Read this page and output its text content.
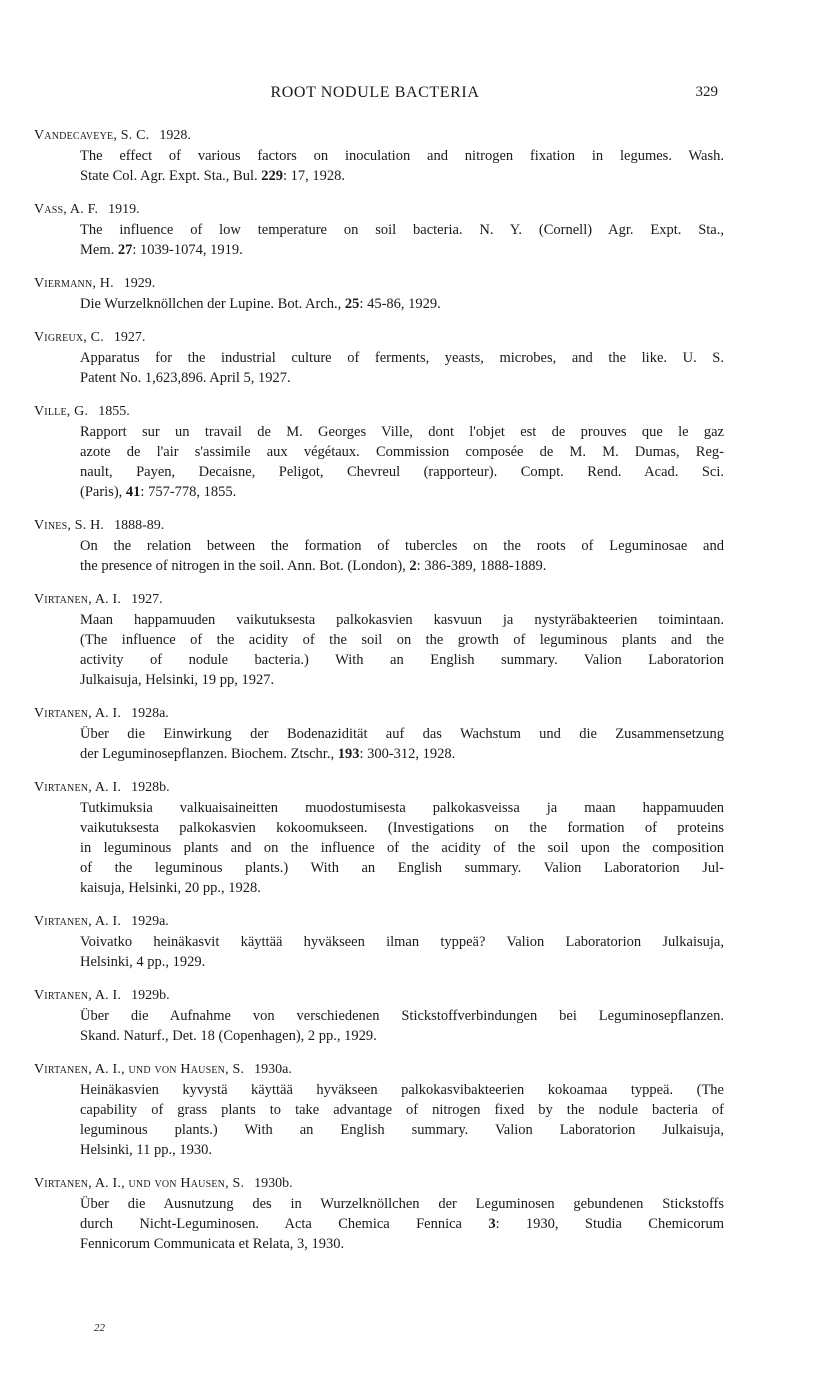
ROOT NODULE BACTERIA	329
Vandecaveye, S. C. 1928.
The effect of various factors on inoculation and nitrogen fixation in legumes. Wash.
State Col. Agr. Expt. Sta., Bul. 229: 17, 1928.
Vass, A. F. 1919.
The influence of low temperature on soil bacteria. N. Y. (Cornell) Agr. Expt. Sta.,
Mem. 27: 1039-1074, 1919.
Viermann, H. 1929.
Die Wurzelknöllchen der Lupine. Bot. Arch., 25: 45-86, 1929.
Vigreux, C. 1927.
Apparatus for the industrial culture of ferments, yeasts, microbes, and the like. U. S.
Patent No. 1,623,896. April 5, 1927.
Ville, G. 1855.
Rapport sur un travail de M. Georges Ville, dont l'objet est de prouves que le gaz
azote de l'air s'assimile aux végétaux. Commission composée de M. M. Dumas, Reg-
nault, Payen, Decaisne, Peligot, Chevreul (rapporteur). Compt. Rend. Acad. Sci.
(Paris), 41: 757-778, 1855.
Vines, S. H. 1888-89.
On the relation between the formation of tubercles on the roots of Leguminosae and
the presence of nitrogen in the soil. Ann. Bot. (London), 2: 386-389, 1888-1889.
Virtanen, A. I. 1927.
Maan happamuuden vaikutuksesta palkokasvien kasvuun ja nystyräbakteerien toimintaan.
(The influence of the acidity of the soil on the growth of leguminous plants and the
activity of nodule bacteria.) With an English summary. Valion Laboratorion
Julkaisuja, Helsinki, 19 pp, 1927.
Virtanen, A. I. 1928a.
Über die Einwirkung der Bodenazidität auf das Wachstum und die Zusammensetzung
der Leguminosepflanzen. Biochem. Ztschr., 193: 300-312, 1928.
Virtanen, A. I. 1928b.
Tutkimuksia valkuaisaineitten muodostumisesta palkokasveissa ja maan happamuuden
vaikutuksesta palkokasvien kokoomukseen. (Investigations on the formation of proteins
in leguminous plants and on the influence of the acidity of the soil upon the composition
of the leguminous plants.) With an English summary. Valion Laboratorion Jul-
kaisuja, Helsinki, 20 pp., 1928.
Virtanen, A. I. 1929a.
Voivatko heinäkasvit käyttää hyväkseen ilman typpeä? Valion Laboratorion Julkaisuja,
Helsinki, 4 pp., 1929.
Virtanen, A. I. 1929b.
Über die Aufnahme von verschiedenen Stickstoffverbindungen bei Leguminosepflanzen.
Skand. Naturf., Det. 18 (Copenhagen), 2 pp., 1929.
Virtanen, A. I., und von Hausen, S. 1930a.
Heinäkasvien kyvystä käyttää hyväkseen palkokasvibakteerien kokoamaa typpeä. (The
capability of grass plants to take advantage of nitrogen fixed by the nodule bacteria of
leguminous plants.) With an English summary. Valion Laboratorion Julkaisuja,
Helsinki, 11 pp., 1930.
Virtanen, A. I., und von Hausen, S. 1930b.
Über die Ausnutzung des in Wurzelknöllchen der Leguminosen gebundenen Stickstoffs
durch Nicht-Leguminosen. Acta Chemica Fennica 3: 1930, Studia Chemicorum
Fennicorum Communicata et Relata, 3, 1930.
22
